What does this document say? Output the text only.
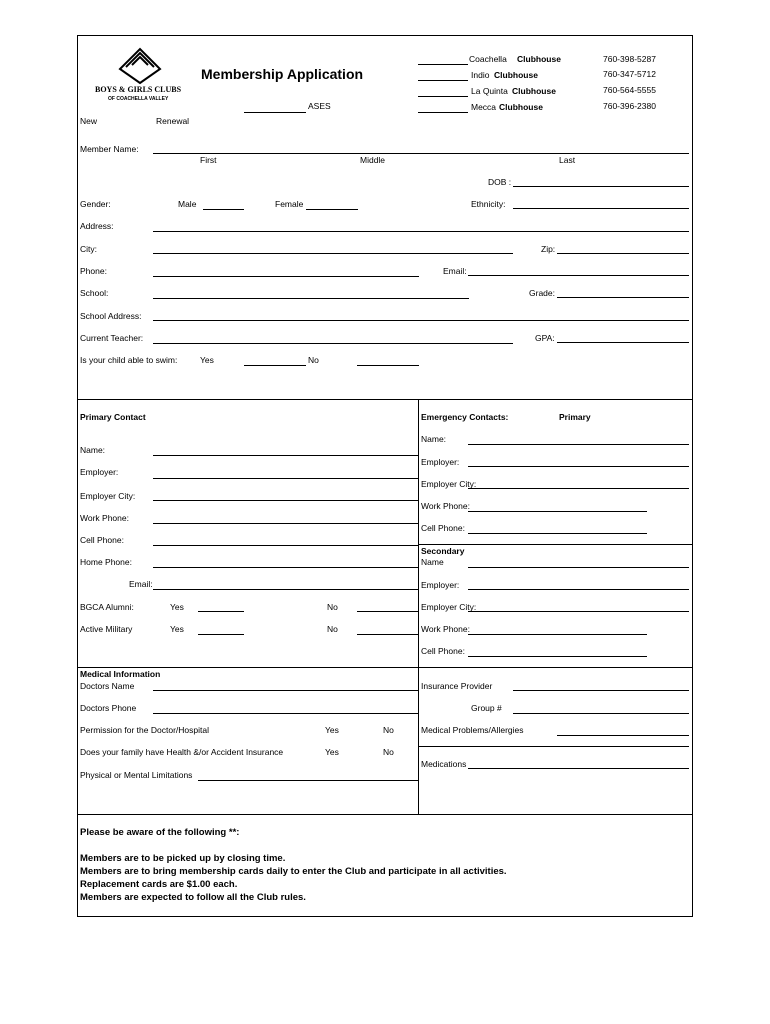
BOYS & GIRLS CLUBS
OF COACHELLA VALLEY
Membership Application
ASES
New	Renewal
Coachella Clubhouse	760-398-5287
Indio Clubhouse	760-347-5712
La Quinta Clubhouse	760-564-5555
Mecca Clubhouse	760-396-2380
Member Name:
First	Middle	Last
DOB :
Gender:	Male	Female	Ethnicity:
Address:
City:	Zip:
Phone:	Email:
School:	Grade:
School Address:
Current Teacher:	GPA:
Is your child able to swim:	Yes	No
Primary Contact
Name:
Employer:
Employer City:
Work Phone:
Cell Phone:
Home Phone:
Email:
BGCA Alumni:	Yes	No
Active Military	Yes	No
Emergency Contacts:	Primary
Name:
Employer:
Employer City:
Work Phone:
Cell Phone:
Secondary
Name
Employer:
Employer City:
Work Phone:
Cell Phone:
Medical Information
Doctors Name	Insurance Provider
Doctors Phone	Group #
Permission for the Doctor/Hospital	Yes	No	Medical Problems/Allergies
Does your family have Health &/or Accident Insurance	Yes	No
Medications
Physical or Mental Limitations
Please be aware of the following **:
Members are to be picked up by closing time.
Members are to bring membership cards daily to enter the Club and participate in all activities.
Replacement cards are $1.00 each.
Members are expected to follow all the Club rules.
